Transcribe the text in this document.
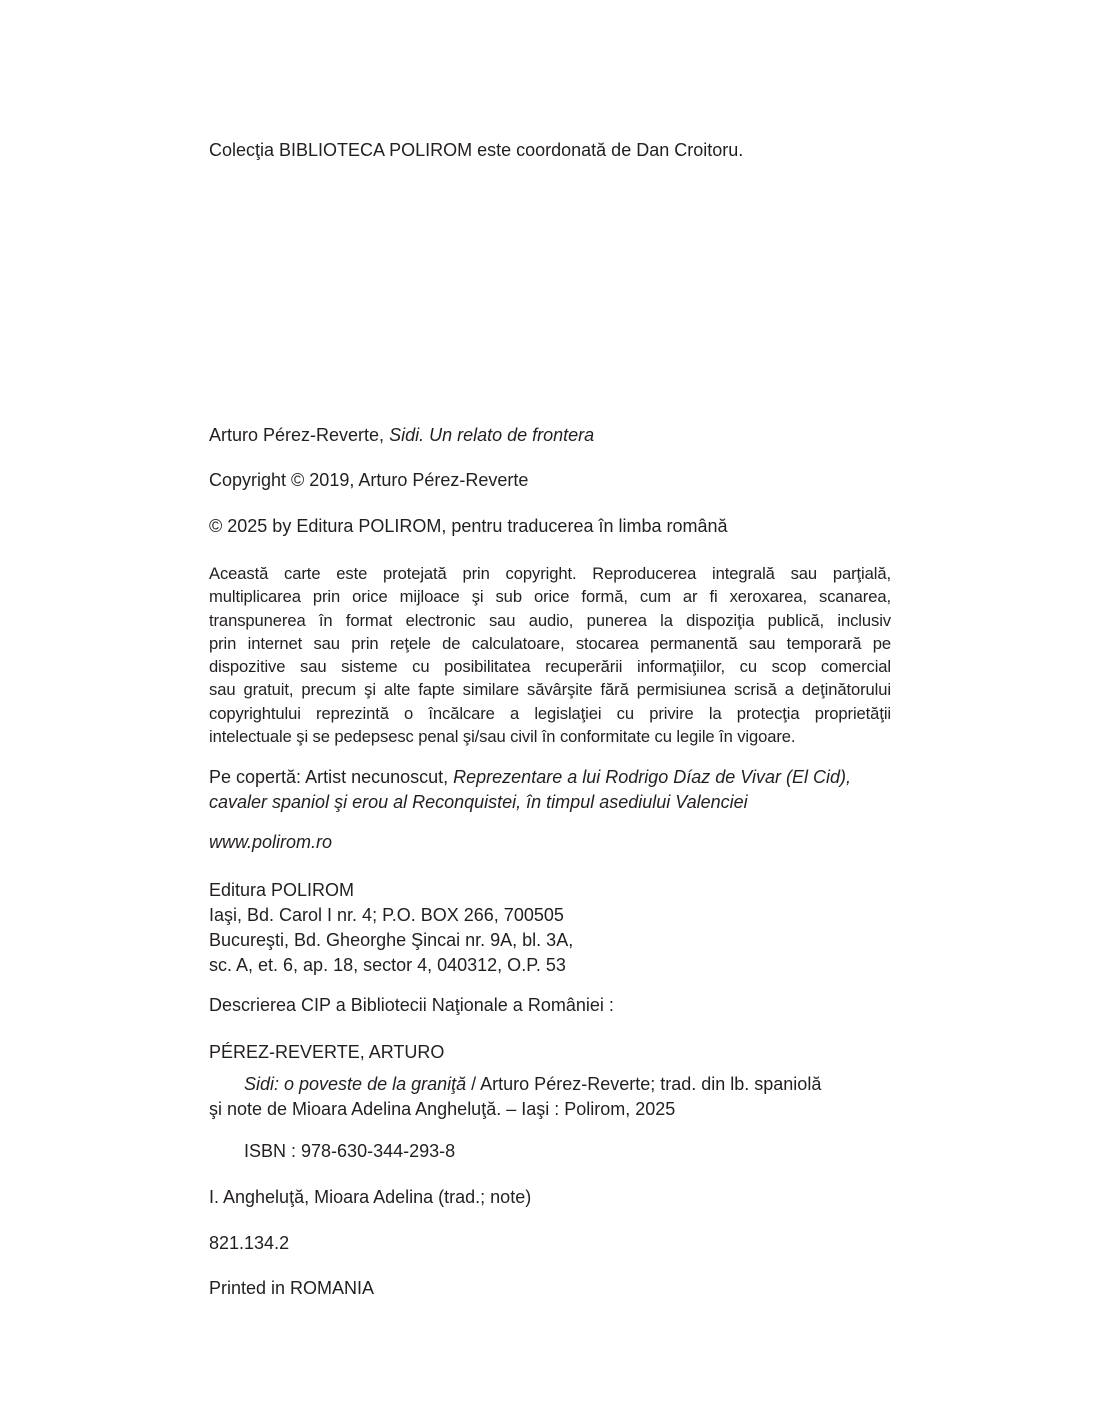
Colecţia BIBLIOTECA POLIROM este coordonată de Dan Croitoru.

Arturo Pérez-Reverte, Sidi. Un relato de frontera

Copyright © 2019, Arturo Pérez-Reverte

© 2025 by Editura POLIROM, pentru traducerea în limba română

Această carte este protejată prin copyright. Reproducerea integrală sau parţială,
multiplicarea prin orice mijloace şi sub orice formă, cum ar fi xeroxarea, scanarea,
transpunerea în format electronic sau audio, punerea la dispoziţia publică, inclusiv
prin internet sau prin reţele de calculatoare, stocarea permanentă sau temporară pe
dispozitive sau sisteme cu posibilitatea recuperării informaţiilor, cu scop comercial
sau gratuit, precum şi alte fapte similare săvârşite fără permisiunea scrisă a deţinătorului
copyrightului reprezintă o încălcare a legislaţiei cu privire la protecţia proprietăţii
intelectuale şi se pedepsesc penal şi/sau civil în conformitate cu legile în vigoare.
Pe copertă: Artist necunoscut, Reprezentare a lui Rodrigo Díaz de Vivar (El Cid),
cavaler spaniol şi erou al Reconquistei, în timpul asediului Valenciei

www.polirom.ro

Editura POLIROM
Iaşi, Bd. Carol I nr. 4; P.O. BOX 266, 700505
Bucureşti, Bd. Gheorghe Şincai nr. 9A, bl. 3A,
sc. A, et. 6, ap. 18, sector 4, 040312, O.P. 53

Descrierea CIP a Bibliotecii Naţionale a României :

PÉREZ-REVERTE, ARTURO

Sidi: o poveste de la graniţă / Arturo Pérez-Reverte; trad. din lb. spaniolă
şi note de Mioara Adelina Angheluţă. – Iaşi : Polirom, 2025

ISBN : 978-630-344-293-8

I. Angheluţă, Mioara Adelina (trad.; note)

821.134.2

Printed in ROMANIA
